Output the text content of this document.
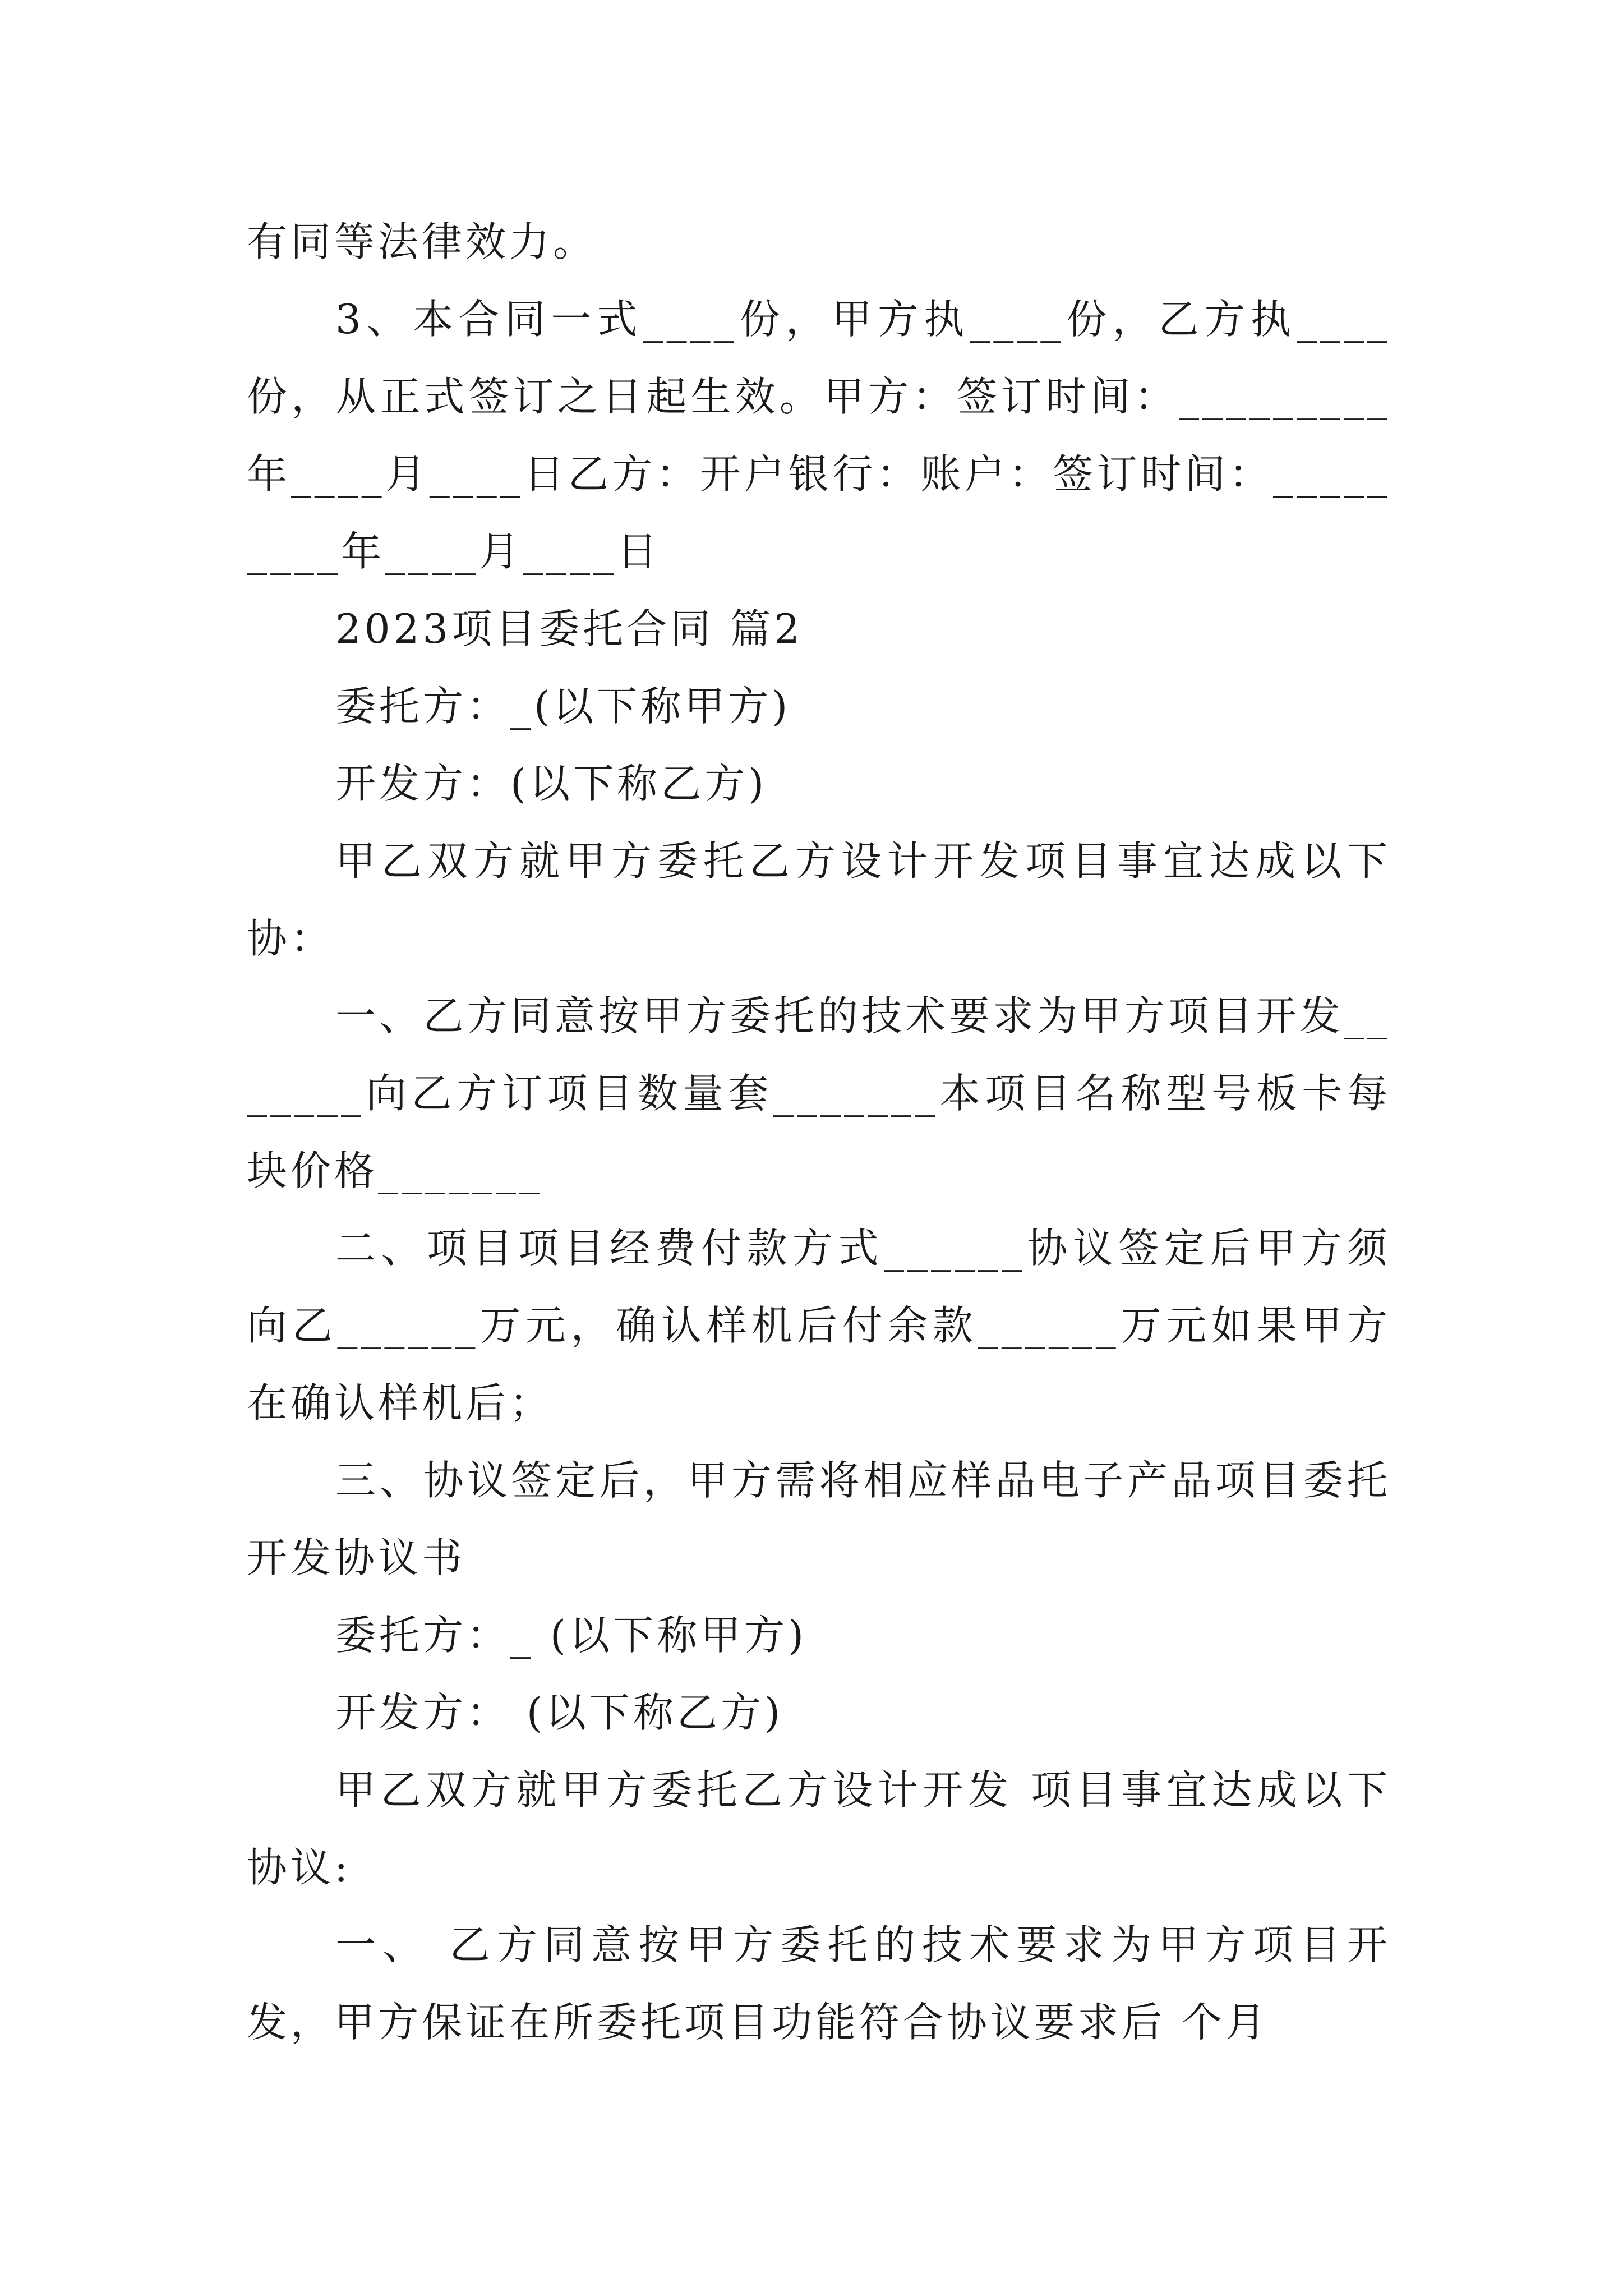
有同等法律效力。

3、本合同一式____份，甲方执____份，乙方执____份，从正式签订之日起生效。甲方：签订时间：_________年____月____日乙方：开户银行：账户：签订时间：_________年____月____日

2023项目委托合同 篇2

委托方：_(以下称甲方)

开发方：(以下称乙方)

甲乙双方就甲方委托乙方设计开发项目事宜达成以下协：

一、乙方同意按甲方委托的技术要求为甲方项目开发_______向乙方订项目数量套_______本项目名称型号板卡每块价格_______

二、项目项目经费付款方式______协议签定后甲方须向乙______万元，确认样机后付余款______万元如果甲方在确认样机后；

三、协议签定后，甲方需将相应样品电子产品项目委托开发协议书

委托方：_ (以下称甲方)

开发方： (以下称乙方)

甲乙双方就甲方委托乙方设计开发 项目事宜达成以下协议:

一、 乙方同意按甲方委托的技术要求为甲方项目开发，甲方保证在所委托项目功能符合协议要求后 个月
